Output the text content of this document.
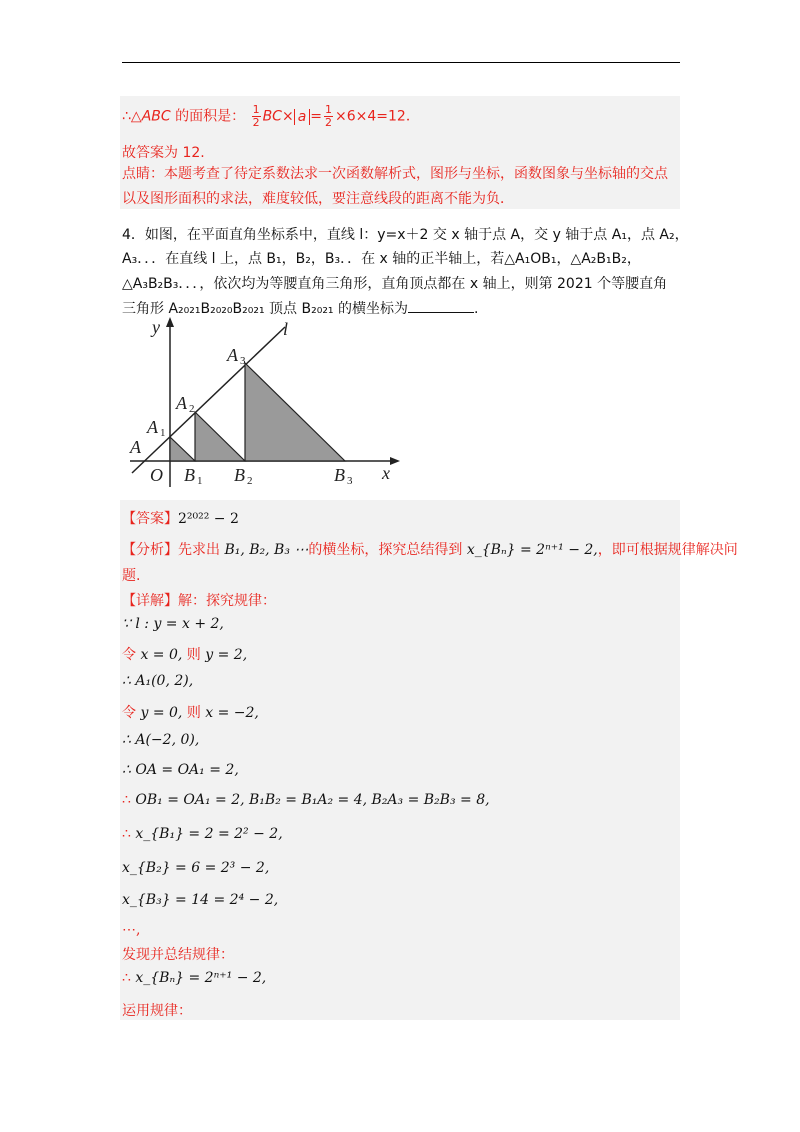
∴△ABC 的面积是： $\frac{1}{2} BC\times a = \frac{1}{2} \times 6\times 4=12$．
故答案为 12.
点睛：本题考查了待定系数法求一次函数解析式，图形与坐标，函数图象与坐标轴的交点
以及图形面积的求法，难度较低，要注意线段的距离不能为负．
4．如图，在平面直角坐标系中，直线 l：y=x＋2 交 x 轴于点 A，交 y 轴于点 A₁，点 A₂，
A₃．．．在直线 l 上，点 B₁，B₂，B₃．．在 x 轴的正半轴上，若△A₁OB₁，△A₂B₁B₂，
△A₃B₂B₃．．．，依次均为等腰直角三角形，直角顶点都在 x 轴上，则第 2021 个等腰直角
三角形 A₂₀₂₁B₂₀₂₀B₂₀₂₁ 顶点 B₂₀₂₁ 的横坐标为	.
y	l
x
O
A
A
A
A
B B	B
1
2
3
1	2	3
【答案】2²⁰²² − 2
【分析】先求出 B₁, B₂, B₃ ⋯的横坐标，探究总结得到 x_{Bₙ} = 2ⁿ⁺¹ − 2,，即可根据规律解决问
题.
【详解】解：探究规律：
∵ l : y = x + 2,
令 x = 0, 则 y = 2,
∴ A₁(0, 2),
令 y = 0, 则 x = −2,
∴ A(−2, 0),
∴ OA = OA₁ = 2,
∴ OB₁ = OA₁ = 2, B₁B₂ = B₁A₂ = 4, B₂A₃ = B₂B₃ = 8,
∴ x_{B₁} = 2 = 2² − 2,
x_{B₂} = 6 = 2³ − 2,
x_{B₃} = 14 = 2⁴ − 2,
⋯,
发现并总结规律：
∴ x_{Bₙ} = 2ⁿ⁺¹ − 2,
运用规律：
